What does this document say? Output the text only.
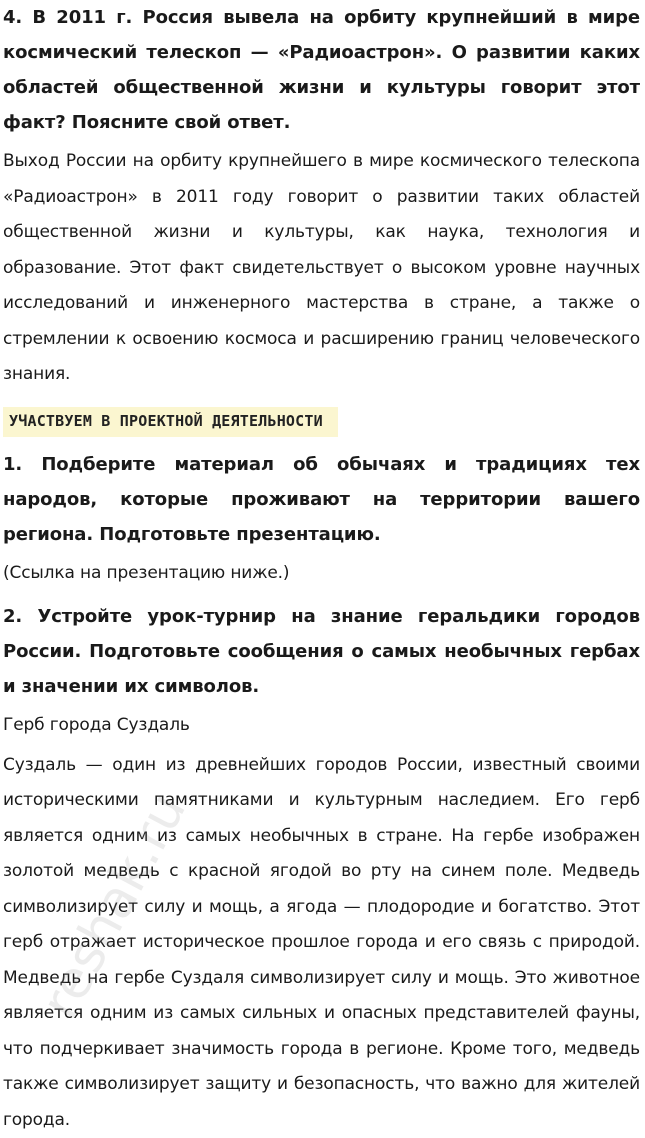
4. В 2011 г. Россия вывела на орбиту крупнейший в мире космический телескоп — «Радиоастрон». О развитии каких областей общественной жизни и культуры говорит этот факт? Поясните свой ответ.

Выход России на орбиту крупнейшего в мире космического телескопа «Радиоастрон» в 2011 году говорит о развитии таких областей общественной жизни и культуры, как наука, технология и образование. Этот факт свидетельствует о высоком уровне научных исследований и инженерного мастерства в стране, а также о стремлении к освоению космоса и расширению границ человеческого знания.

УЧАСТВУЕМ В ПРОЕКТНОЙ ДЕЯТЕЛЬНОСТИ

1. Подберите материал об обычаях и традициях тех народов, которые проживают на территории вашего региона. Подготовьте презентацию.

(Ссылка на презентацию ниже.)

2. Устройте урок-турнир на знание геральдики городов России. Подготовьте сообщения о самых необычных гербах и значении их символов.

Герб города Суздаль

Суздаль — один из древнейших городов России, известный своими историческими памятниками и культурным наследием. Его герб является одним из самых необычных в стране. На гербе изображен золотой медведь с красной ягодой во рту на синем поле. Медведь символизирует силу и мощь, а ягода — плодородие и богатство. Этот герб отражает историческое прошлое города и его связь с природой. Медведь на гербе Суздаля символизирует силу и мощь. Это животное является одним из самых сильных и опасных представителей фауны, что подчеркивает значимость города в регионе. Кроме того, медведь также символизирует защиту и безопасность, что важно для жителей города.

reshak.ru
